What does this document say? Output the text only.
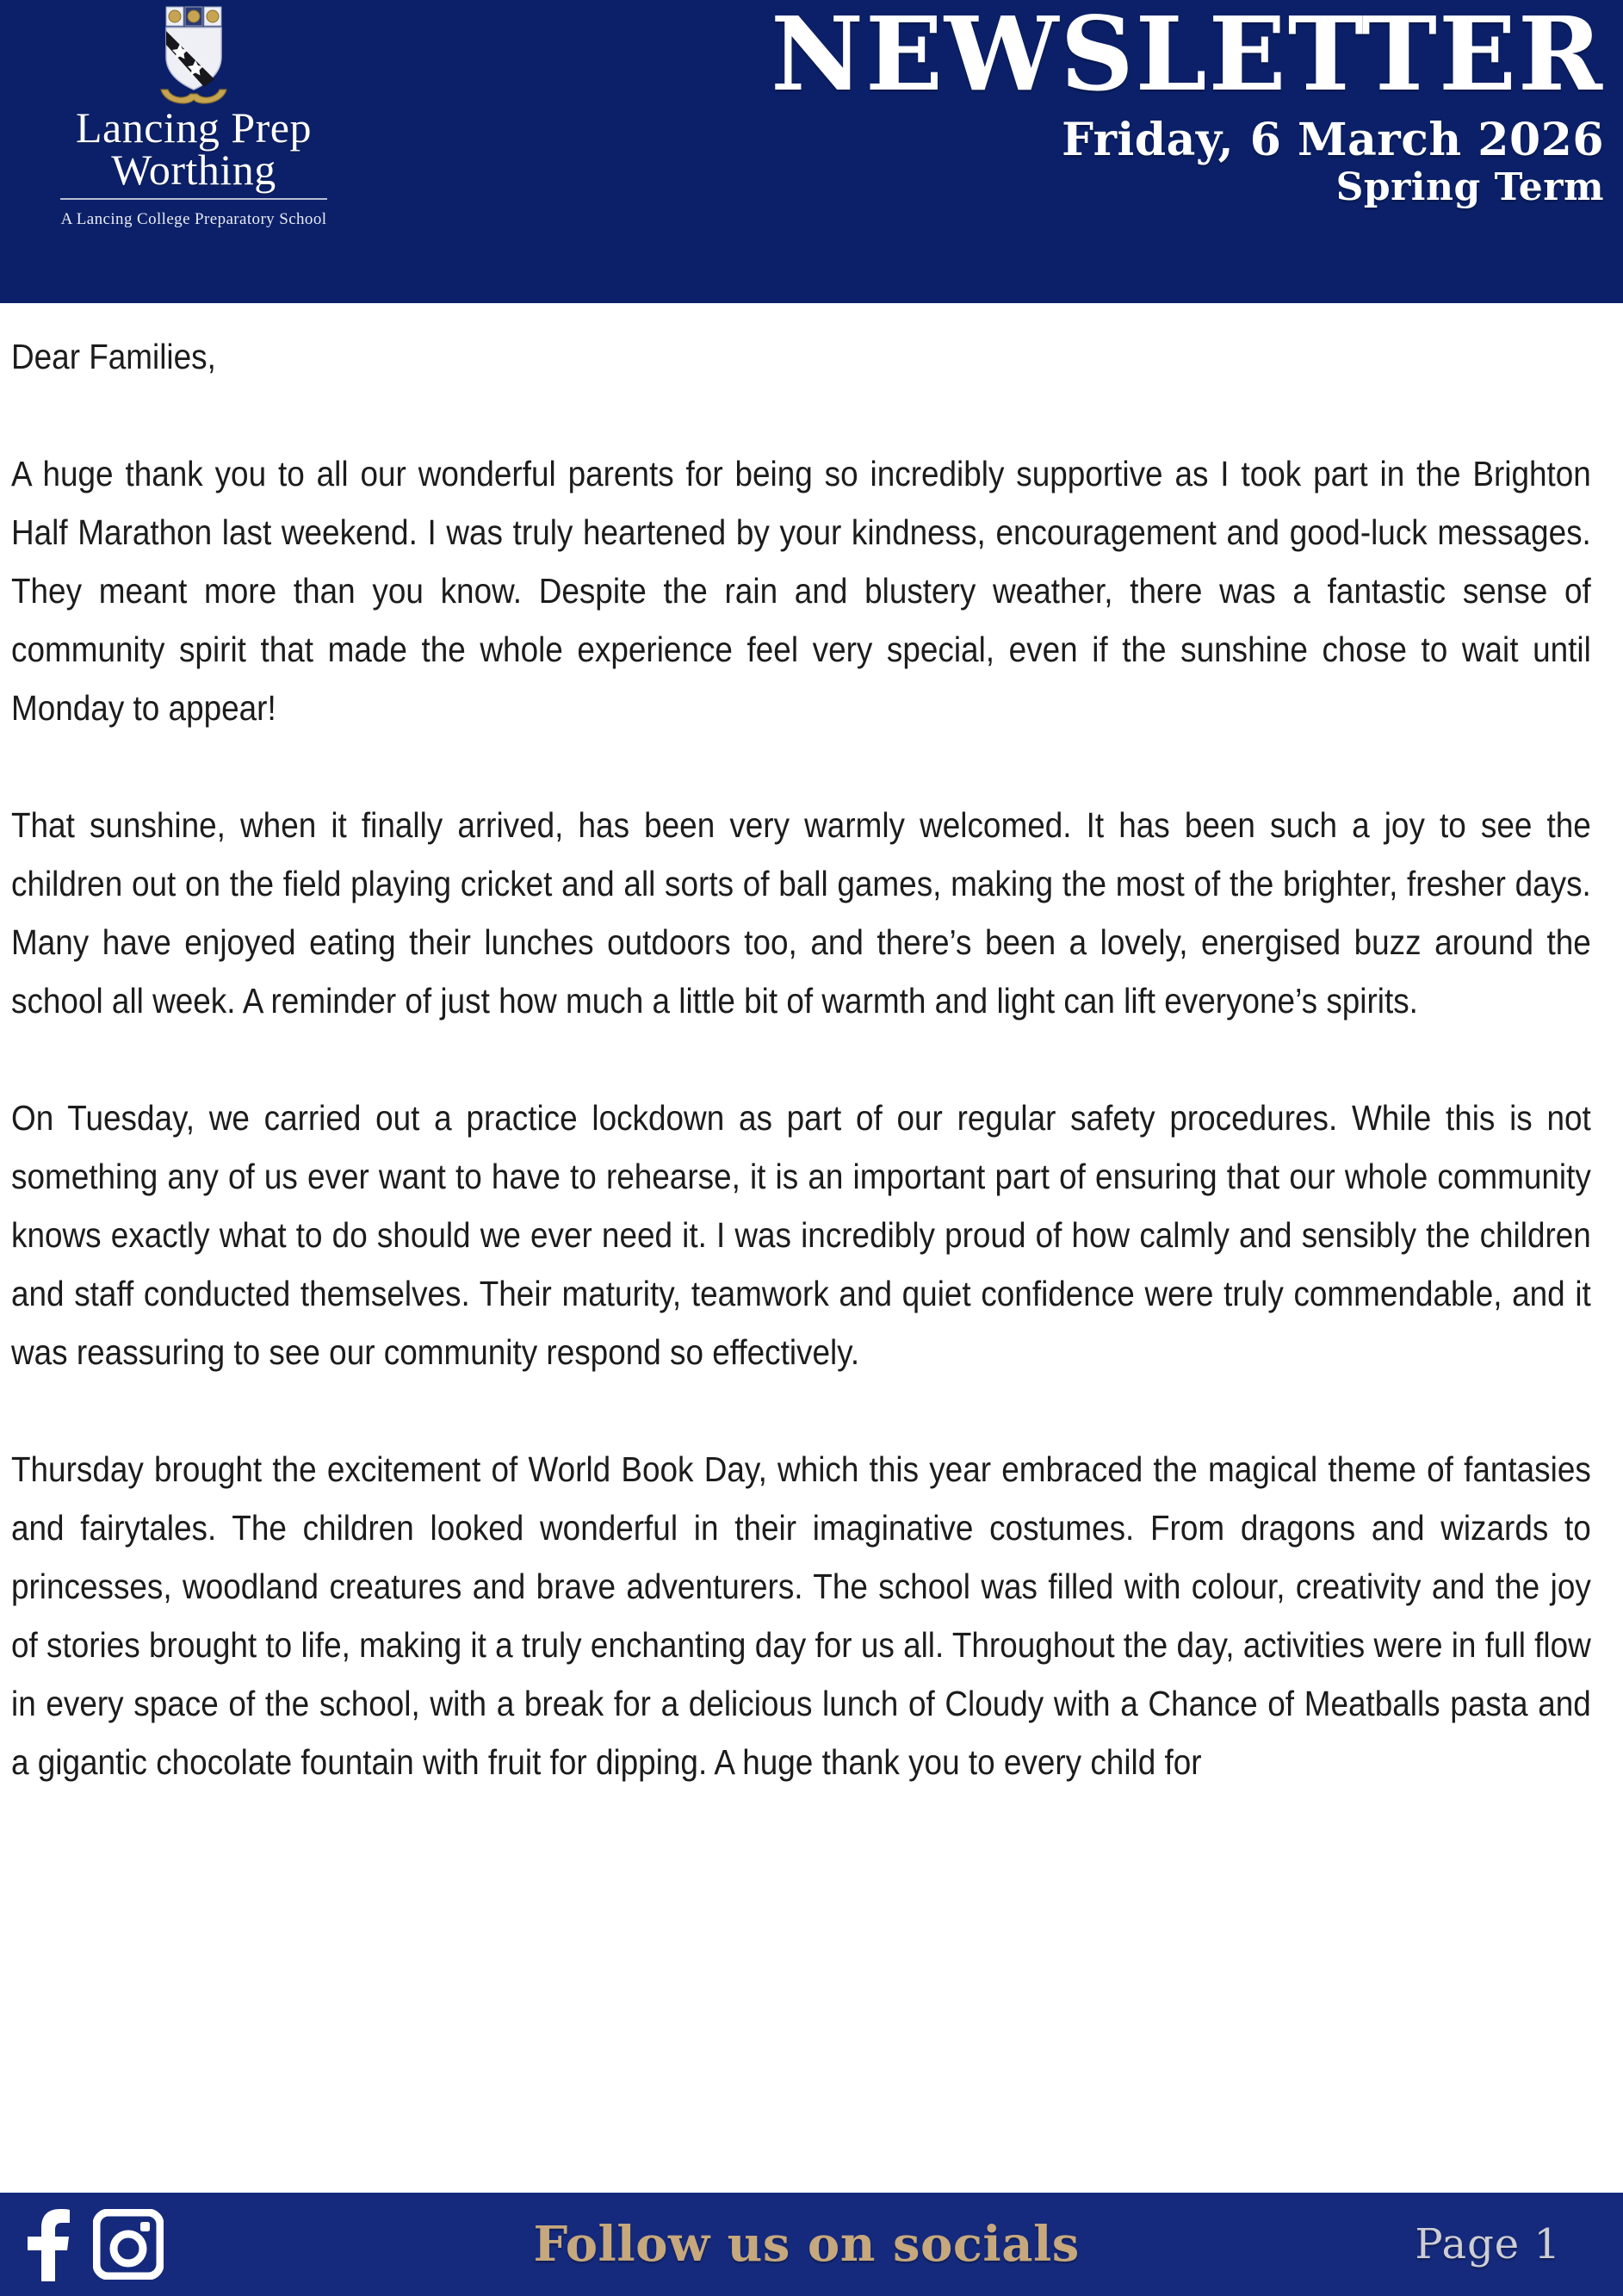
Lancing Prep
Worthing
A Lancing College Preparatory School
NEWSLETTER
Friday, 6 March 2026
Spring Term

Dear Families,

A huge thank you to all our wonderful parents for being so incredibly supportive as I took part in the Brighton Half Marathon last weekend. I was truly heartened by your kindness, encouragement and good-luck messages. They meant more than you know. Despite the rain and blustery weather, there was a fantastic sense of community spirit that made the whole experience feel very special, even if the sunshine chose to wait until Monday to appear!

That sunshine, when it finally arrived, has been very warmly welcomed. It has been such a joy to see the children out on the field playing cricket and all sorts of ball games, making the most of the brighter, fresher days. Many have enjoyed eating their lunches outdoors too, and there’s been a lovely, energised buzz around the school all week. A reminder of just how much a little bit of warmth and light can lift everyone’s spirits.

On Tuesday, we carried out a practice lockdown as part of our regular safety procedures. While this is not something any of us ever want to have to rehearse, it is an important part of ensuring that our whole community knows exactly what to do should we ever need it. I was incredibly proud of how calmly and sensibly the children and staff conducted themselves. Their maturity, teamwork and quiet confidence were truly commendable, and it was reassuring to see our community respond so effectively.

Thursday brought the excitement of World Book Day, which this year embraced the magical theme of fantasies and fairytales. The children looked wonderful in their imaginative costumes. From dragons and wizards to princesses, woodland creatures and brave adventurers. The school was filled with colour, creativity and the joy of stories brought to life, making it a truly enchanting day for us all. Throughout the day, activities were in full flow in every space of the school, with a break for a delicious lunch of Cloudy with a Chance of Meatballs pasta and a gigantic chocolate fountain with fruit for dipping. A huge thank you to every child for

Follow us on socials	Page 1
